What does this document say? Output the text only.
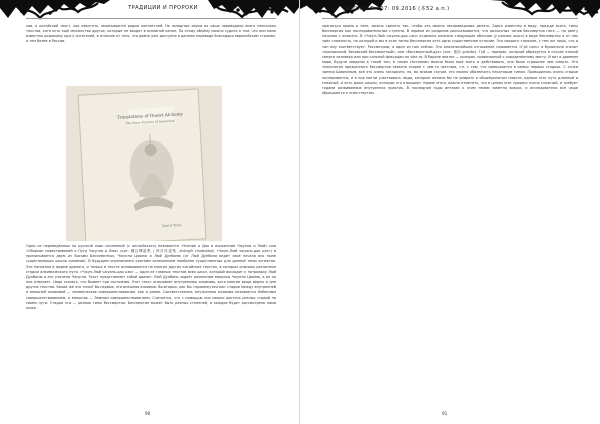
ТРАДИЦИИ И ПРОРОКИ
ков, а китайский текст, как известно, записывается рядом контактней. На западные языки их чаще переводили всего несколько текстов, хотя есть ещё множество других, которые не входят в основной канон. По этому объёму можно судить о том, что они мало известны широкому кругу читателей, в отличие от того, что давно уже доступно в данном переводе благодаря европейским странам, а тем более в России.
Translations of Daoist Alchemy
The Inner Practice of Immortals
Daoist Texts
Одно из переведённых на русский язык сочинений (с английского) называется «Учение о Дао в изложении Чжунли и Люй» или «Сборник повествований о Пути Чжунли и Люя» (кит. 鍾呂傳道集 / 钟吕传道集, zhōnglǚ chuándàojí, «Чжун-Люй чжуань-дао цзи») и приписывается двум из Восьми Бессмертных, Чжунли Цюаню и Люй Дунбиню (от Люй Дунбиня ведёт своё начало вся ныне существующая школа алхимии). В будущем ограничимся кратким изложением наиболее существенных для данной темы аспектов. Это написано в форме диалога, и только в тексте основываются на многих других китайских текстах, в которых описаны различные стадии алхимического пути. «Чжун-Люй чжуань-дао цзи» — один из главных текстов всех школ, который восходит к патриарху Люй Дунбиню и его учителю Чжунли. Текст представляет собой диалог: Люй Дунбинь задаёт различные вопросы Чжунли Цюаню, а он на них отвечает. Надо сказать, что бывает три состояния. Этот текст описывает внутреннюю алхимию, хотя многие вещи верны и для других текстов. Какие же это типы? Во-первых, это внешняя алхимия. Во-вторых, как бы «промежуточная» стадия между внутренней и внешней алхимией — человеческое совершенствование, как и ранее. Соответственно, внутренняя алхимия называется Небесным совершенствованием, а внешняя — Земным совершенствованием. Считается, что с помощью них можно достичь разных стадий на своём пути. Стадии эти — разные типы бессмертия. Бессмертие может быть разных степеней, и каждое будет рассмотрено нами ниже.
90
АПОКРИФ·107: 09.2016 (本52 а.п.)
храниться прямо в теле, можно сделать так, чтобы это можно несправедливо делать. Здесь известны в виду, прежде всего, типы бессмертия как последовательные ступени. В первом из разделов рассказывается, что различных типов бессмертия пять — по рангу начиная с низшего. В «Чжун-Люй чжуань-дао цзи» отдельно описано следующее обличие (у разных школ) в виде бессмертия и от них трёх сложность, по которой и мы в этих типах бессмертия есть одно существенное отличие. Это мокрого сложное, с тем же лишь, что и тип ему соответствует. Рассмотрим, а один из них сейчас. Это вначальнейшее отношение называется «Гуй сянь» в буквально значит «призрачный, бесовский бессмертный», или «бессмертный-дух» (кит. 鬼仙 guǐxiān). Гуй — призрак, который образуется в случае плохой смерти человека или при сильной фиксации на чём-то. В Европе аналог — призрак, привязанный к определённому месту. И вот в древнем мире, будучи сведены в такой тип, в таком состоянии можно было ещё жить и действовать, оно было страшнее чем смерть. Эта технология призрачного бессмертия связана скорее с чем-то частным, т.е. с тем, что совершается в самых первых стадиях. С точки зрения Шиониным, всё это очень загадочно, но, во всяком случае, это можно обозначить некоторым типом. Проводились очень старые эксперименты, и в них могли участвовать люди, которые желали бы не умирать в общепринятом смысле, однако этот путь длинный и сложный, и есть даже школы, которые это отрицают. Кроме этого, важно отметить, что в целом этот процесс очень сложный, и требует годами развиваемых внутренних практик. В последние годы интерес к этим темам заметно возрос, и исследователи всё чаще обращаются к этим текстам.
91
